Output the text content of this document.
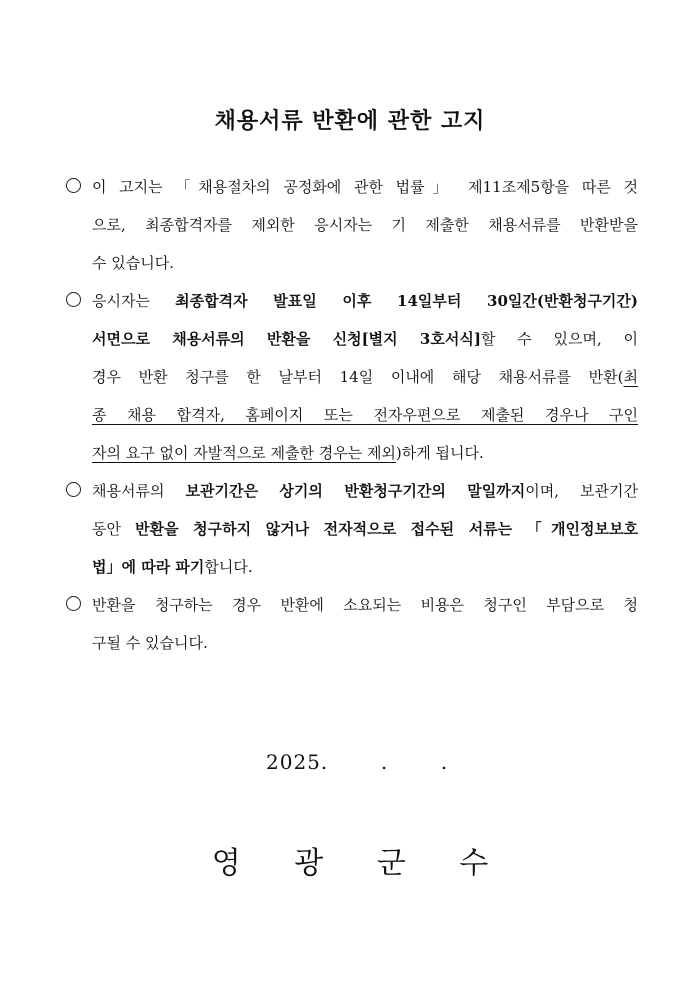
채용서류 반환에 관한 고지
이 고지는 「채용절차의 공정화에 관한 법률」 제11조제5항을 따른 것
으로, 최종합격자를 제외한 응시자는 기 제출한 채용서류를 반환받을
수 있습니다.
응시자는 최종합격자 발표일 이후 14일부터 30일간(반환청구기간)
서면으로 채용서류의 반환을 신청[별지 3호서식]할 수 있으며, 이
경우 반환 청구를 한 날부터 14일 이내에 해당 채용서류를 반환(최
종 채용 합격자, 홈페이지 또는 전자우편으로 제출된 경우나 구인
자의 요구 없이 자발적으로 제출한 경우는 제외)하게 됩니다.
채용서류의 보관기간은 상기의 반환청구기간의 말일까지이며, 보관기간
동안 반환을 청구하지 않거나 전자적으로 접수된 서류는 「개인정보보호
법」에 따라 파기합니다.
반환을 청구하는 경우 반환에 소요되는 비용은 청구인 부담으로 청
구될 수 있습니다.
2025.	.	.
영 광 군 수
